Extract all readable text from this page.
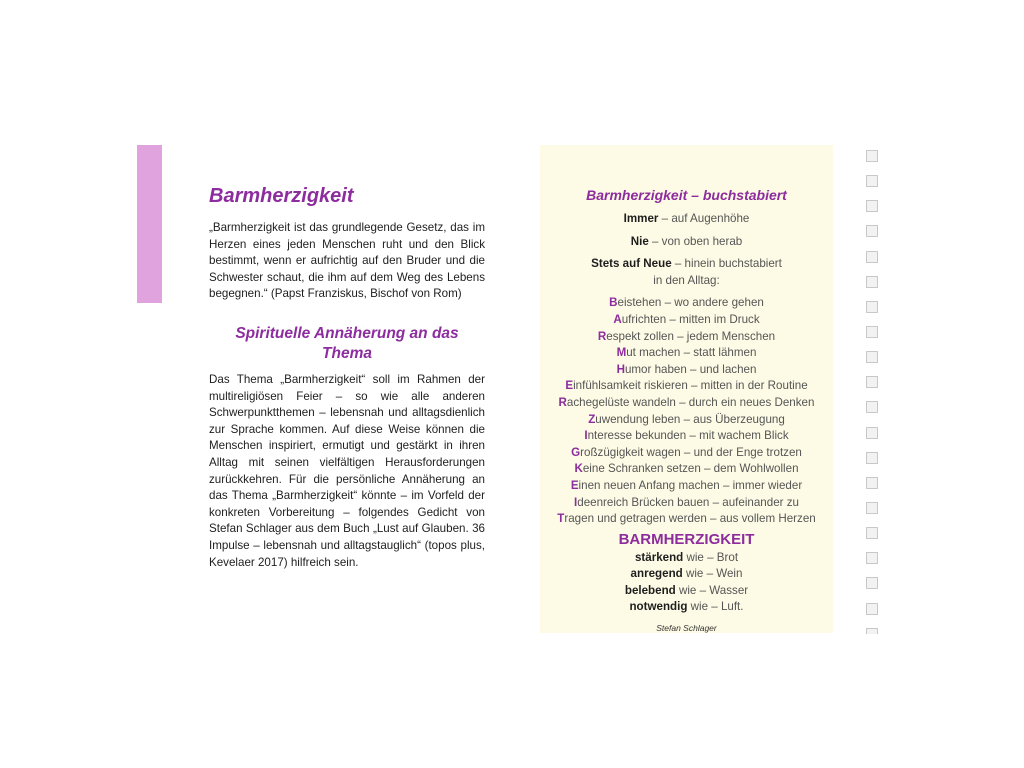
Barmherzigkeit

„Barmherzigkeit ist das grundlegende Gesetz, das im Herzen eines jeden Menschen ruht und den Blick bestimmt, wenn er aufrichtig auf den Bruder und die Schwester schaut, die ihm auf dem Weg des Lebens begegnen.“ (Papst Franziskus, Bischof von Rom)

Spirituelle Annäherung an das Thema

Das Thema „Barmherzigkeit“ soll im Rahmen der multireligiösen Feier – so wie alle anderen Schwerpunktthemen – lebensnah und alltagsdienlich zur Sprache kommen. Auf diese Weise können die Menschen inspiriert, ermutigt und gestärkt in ihren Alltag mit seinen vielfältigen Herausforderungen zurückkehren. Für die persönliche Annäherung an das Thema „Barmherzigkeit“ könnte – im Vorfeld der konkreten Vorbereitung – folgendes Gedicht von Stefan Schlager aus dem Buch „Lust auf Glauben. 36 Impulse – lebensnah und alltagstauglich“ (topos plus, Kevelaer 2017) hilfreich sein.

Barmherzigkeit – buchstabiert
Immer – auf Augenhöhe
Nie – von oben herab
Stets auf Neue – hinein buchstabiert
in den Alltag:
Beistehen – wo andere gehen
Aufrichten – mitten im Druck
Respekt zollen – jedem Menschen
Mut machen – statt lähmen
Humor haben – und lachen
Einfühlsamkeit riskieren – mitten in der Routine
Rachegelüste wandeln – durch ein neues Denken
Zuwendung leben – aus Überzeugung
Interesse bekunden – mit wachem Blick
Großzügigkeit wagen – und der Enge trotzen
Keine Schranken setzen – dem Wohlwollen
Einen neuen Anfang machen – immer wieder
Ideenreich Brücken bauen – aufeinander zu
Tragen und getragen werden – aus vollem Herzen
BARMHERZIGKEIT
stärkend wie – Brot
anregend wie – Wein
belebend wie – Wasser
notwendig wie – Luft.
Stefan Schlager
